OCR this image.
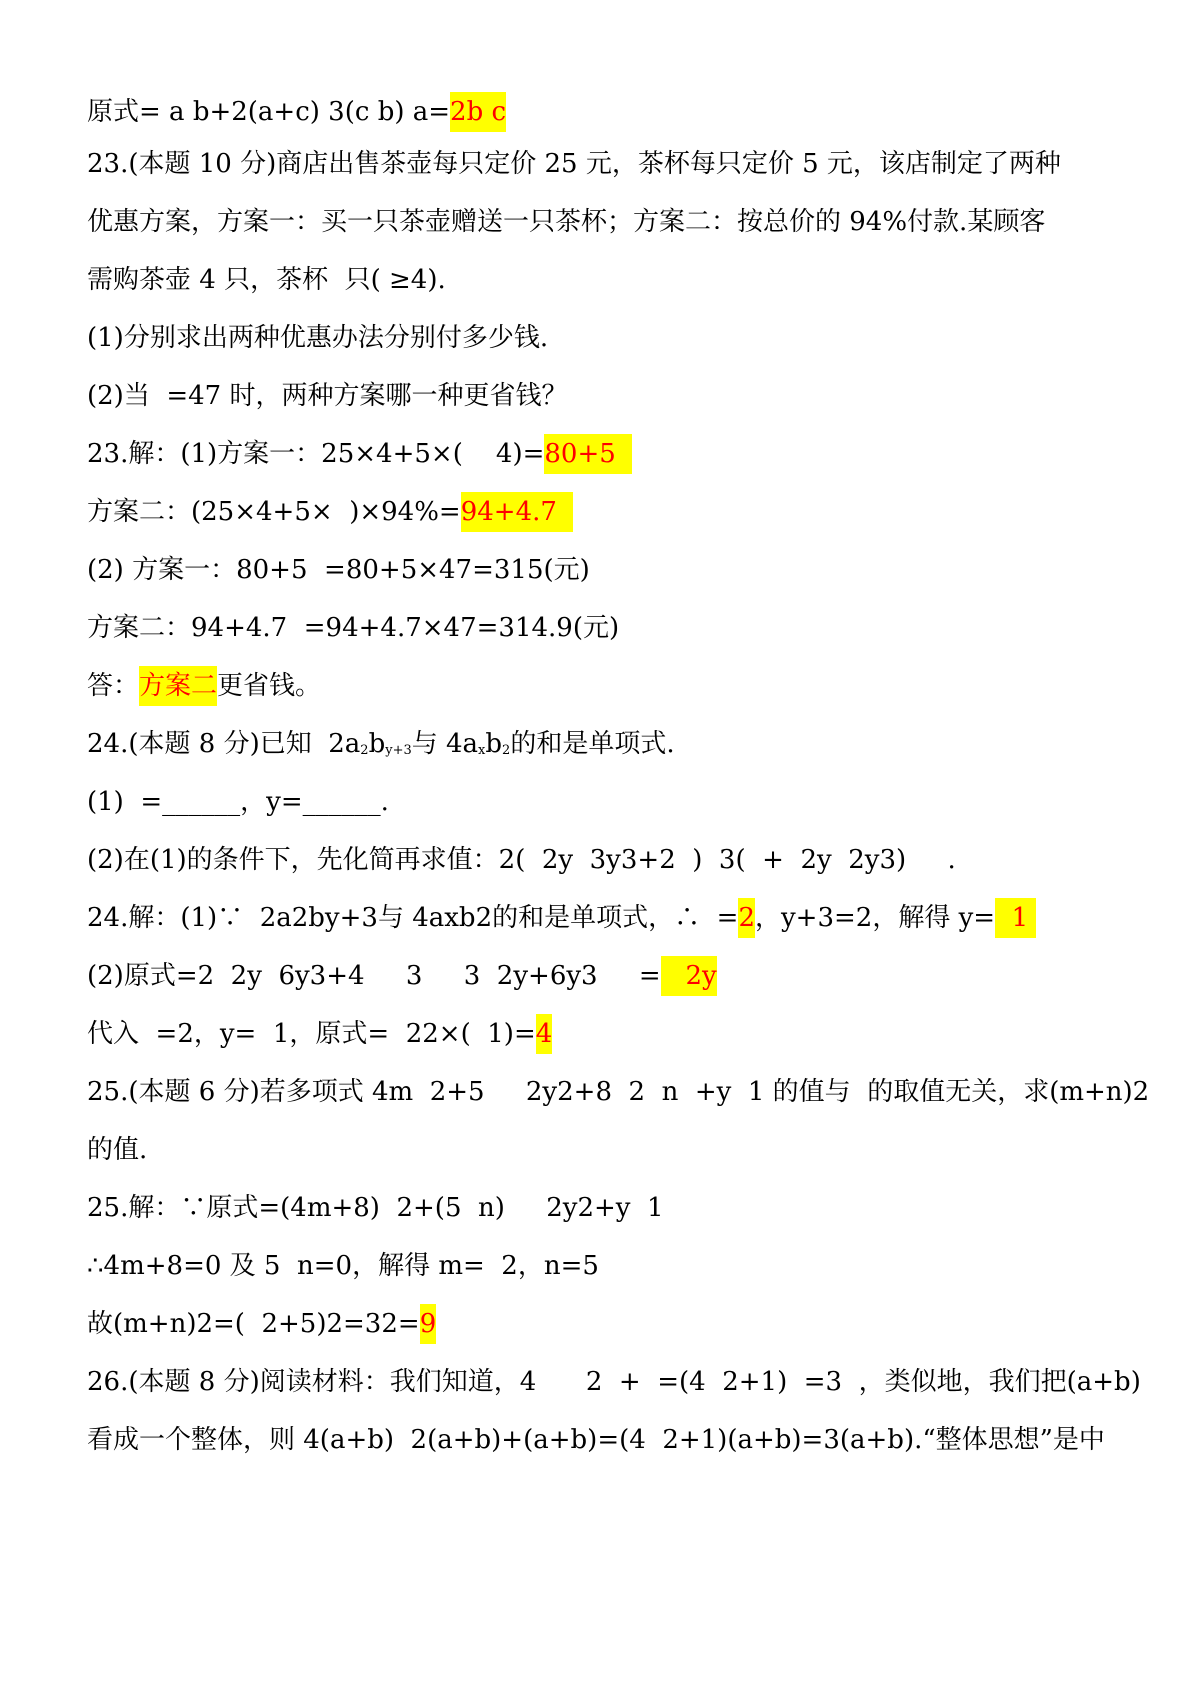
原式= a b+2(a+c) 3(c b) a=2b c
23.(本题 10 分)商店出售茶壶每只定价 25 元，茶杯每只定价 5 元，该店制定了两种
优惠方案，方案一：买一只茶壶赠送一只茶杯；方案二：按总价的 94%付款.某顾客
需购茶壶 4 只，茶杯  只( ≥4).
(1)分别求出两种优惠办法分别付多少钱.
(2)当  =47 时，两种方案哪一种更省钱？
23.解：(1)方案一：25×4+5×(    4)=80+5
方案二：(25×4+5×  )×94%=94+4.7
(2) 方案一：80+5  =80+5×47=315(元)
方案二：94+4.7  =94+4.7×47=314.9(元)
答：方案二更省钱。
24.(本题 8 分)已知  2a2by+3与 4axb2的和是单项式.
(1)  =______，y=______.
(2)在(1)的条件下，先化简再求值：2(  2y  3y3+2  )  3(  +  2y  2y3)     .
24.解：(1)∵  2a2by+3与 4axb2的和是单项式，∴  =2，y+3=2，解得 y=  1
(2)原式=2  2y  6y3+4     3     3  2y+6y3     =   2y
代入  =2，y=  1，原式=  22×(  1)=4
25.(本题 6 分)若多项式 4m  2+5     2y2+8  2  n  +y  1 的值与  的取值无关，求(m+n)2
的值.
25.解：∵原式=(4m+8)  2+(5  n)     2y2+y  1
∴4m+8=0 及 5  n=0，解得 m=  2，n=5
故(m+n)2=(  2+5)2=32=9
26.(本题 8 分)阅读材料：我们知道，4      2  +  =(4  2+1)  =3  ，类似地，我们把(a+b)
看成一个整体，则 4(a+b)  2(a+b)+(a+b)=(4  2+1)(a+b)=3(a+b).“整体思想”是中
